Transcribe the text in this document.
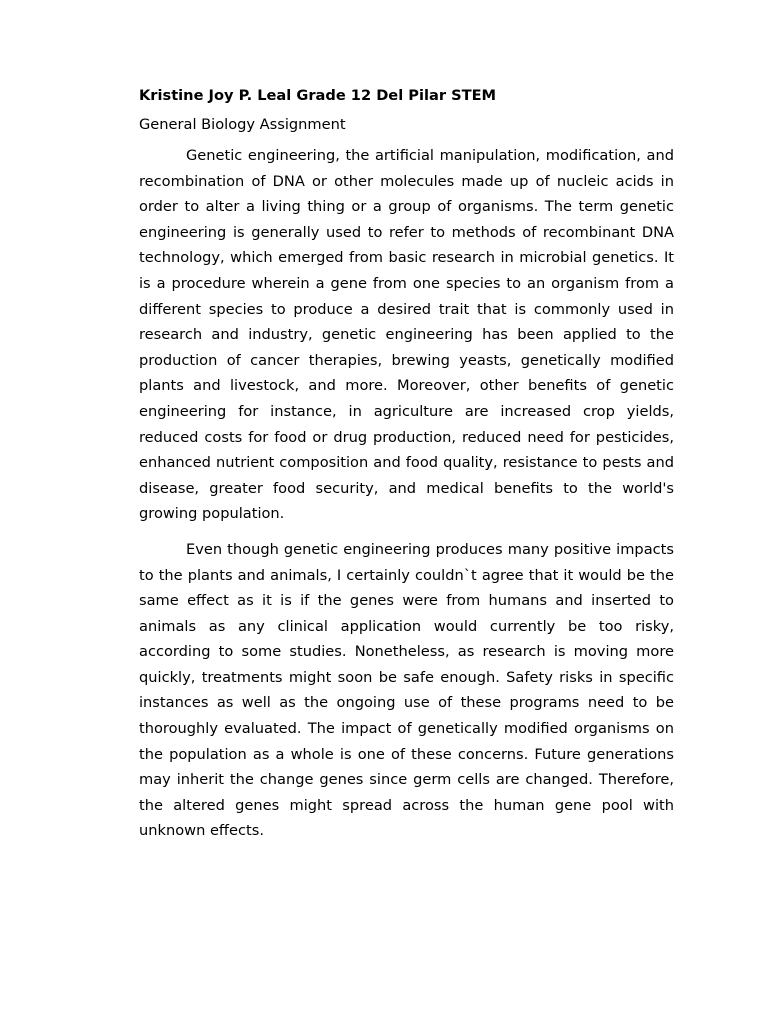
Kristine Joy P. Leal Grade 12 Del Pilar STEM
General Biology Assignment

Genetic engineering, the artificial manipulation, modification, and recombination of DNA or other molecules made up of nucleic acids in order to alter a living thing or a group of organisms. The term genetic engineering is generally used to refer to methods of recombinant DNA technology, which emerged from basic research in microbial genetics. It is a procedure wherein a gene from one species to an organism from a different species to produce a desired trait that is commonly used in research and industry, genetic engineering has been applied to the production of cancer therapies, brewing yeasts, genetically modified plants and livestock, and more. Moreover, other benefits of genetic engineering for instance, in agriculture are increased crop yields, reduced costs for food or drug production, reduced need for pesticides, enhanced nutrient composition and food quality, resistance to pests and disease, greater food security, and medical benefits to the world's growing population.

Even though genetic engineering produces many positive impacts to the plants and animals, I certainly couldn`t agree that it would be the same effect as it is if the genes were from humans and inserted to animals as any clinical application would currently be too risky, according to some studies. Nonetheless, as research is moving more quickly, treatments might soon be safe enough. Safety risks in specific instances as well as the ongoing use of these programs need to be thoroughly evaluated. The impact of genetically modified organisms on the population as a whole is one of these concerns. Future generations may inherit the change genes since germ cells are changed. Therefore, the altered genes might spread across the human gene pool with unknown effects.
